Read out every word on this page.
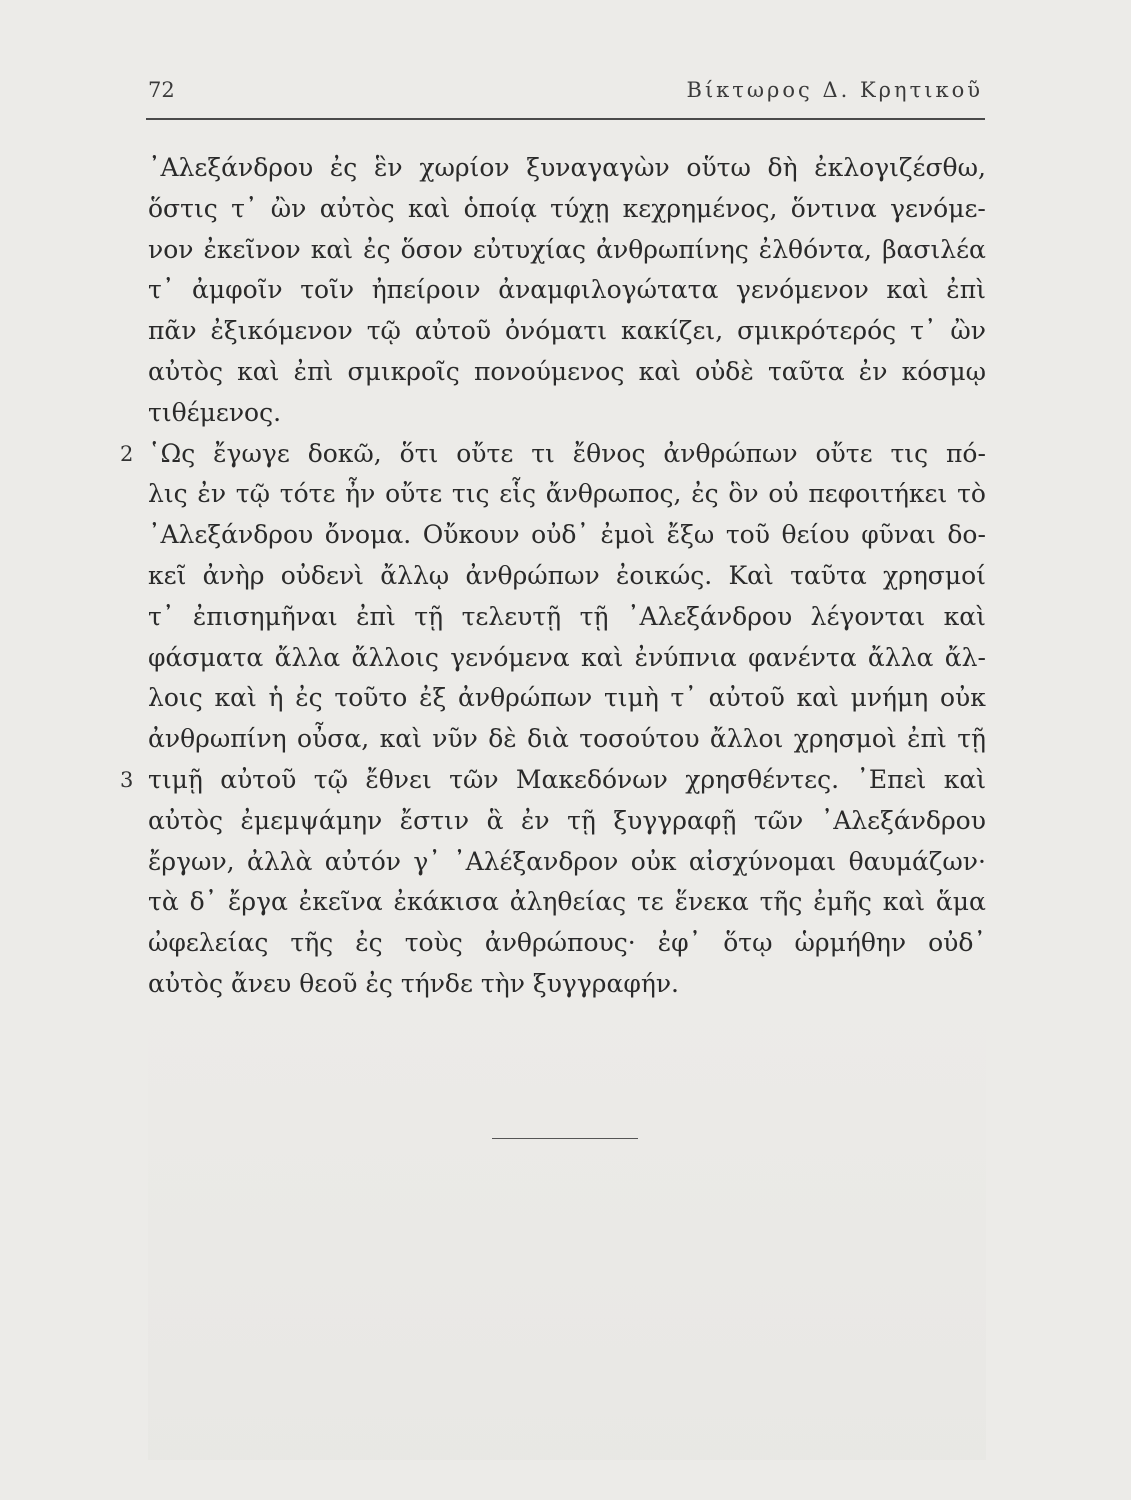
72	Βίκτωρος Δ. Κρητικοῦ
᾿Αλεξάνδρου ἐς ἓν χωρίον ξυναγαγὼν οὕτω δὴ ἐκλογιζέσθω,
ὅστις τ᾿ ὢν αὐτὸς καὶ ὁποίᾳ τύχῃ κεχρημένος, ὅντινα γενόμε-
νον ἐκεῖνον καὶ ἐς ὅσον εὐτυχίας ἀνθρωπίνης ἐλθόντα, βασιλέα
τ᾿ ἀμφοῖν τοῖν ἠπείροιν ἀναμφιλογώτατα γενόμενον καὶ ἐπὶ
πᾶν ἐξικόμενον τῷ αὐτοῦ ὀνόματι κακίζει, σμικρότερός τ᾿ ὢν
αὐτὸς καὶ ἐπὶ σμικροῖς πονούμενος καὶ οὐδὲ ταῦτα ἐν κόσμῳ
τιθέμενος.
2 ῾Ως ἔγωγε δοκῶ, ὅτι οὔτε τι ἔθνος ἀνθρώπων οὔτε τις πό-
λις ἐν τῷ τότε ἦν οὔτε τις εἷς ἄνθρωπος, ἐς ὃν οὐ πεφοιτήκει τὸ
᾿Αλεξάνδρου ὄνομα. Οὔκουν οὐδ᾿ ἐμοὶ ἔξω τοῦ θείου φῦναι δο-
κεῖ ἀνὴρ οὐδενὶ ἄλλῳ ἀνθρώπων ἐοικώς. Καὶ ταῦτα χρησμοί
τ᾿ ἐπισημῆναι ἐπὶ τῇ τελευτῇ τῇ ᾿Αλεξάνδρου λέγονται καὶ
φάσματα ἄλλα ἄλλοις γενόμενα καὶ ἐνύπνια φανέντα ἄλλα ἄλ-
λοις καὶ ἡ ἐς τοῦτο ἐξ ἀνθρώπων τιμὴ τ᾿ αὐτοῦ καὶ μνήμη οὐκ
ἀνθρωπίνη οὖσα, καὶ νῦν δὲ διὰ τοσούτου ἄλλοι χρησμοὶ ἐπὶ τῇ
3 τιμῇ αὐτοῦ τῷ ἔθνει τῶν Μακεδόνων χρησθέντες. ᾿Επεὶ καὶ
αὐτὸς ἐμεμψάμην ἔστιν ἃ ἐν τῇ ξυγγραφῇ τῶν ᾿Αλεξάνδρου
ἔργων, ἀλλὰ αὐτόν γ᾿ ᾿Αλέξανδρον οὐκ αἰσχύνομαι θαυμάζων·
τὰ δ᾿ ἔργα ἐκεῖνα ἐκάκισα ἀληθείας τε ἕνεκα τῆς ἐμῆς καὶ ἅμα
ὠφελείας τῆς ἐς τοὺς ἀνθρώπους· ἐφ᾿ ὅτῳ ὡρμήθην οὐδ᾿
αὐτὸς ἄνευ θεοῦ ἐς τήνδε τὴν ξυγγραφήν.
